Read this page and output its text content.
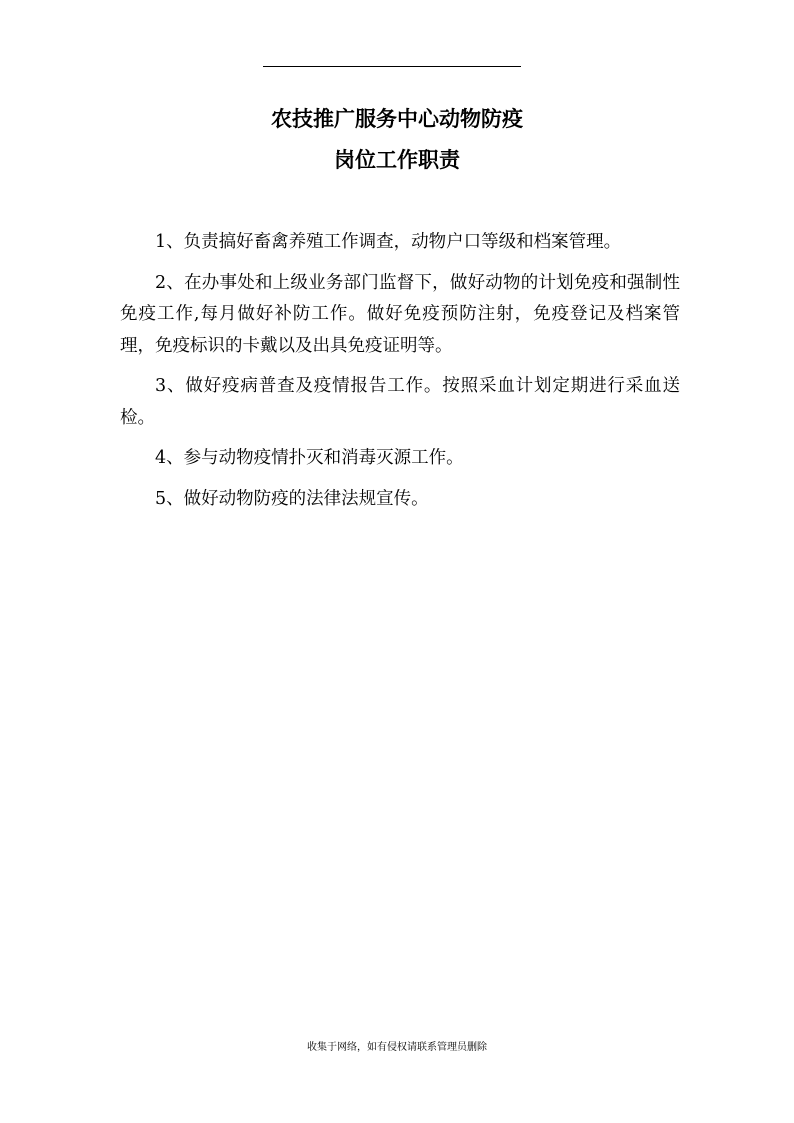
农技推广服务中心动物防疫
岗位工作职责

1、负责搞好畜禽养殖工作调查，动物户口等级和档案管理。

2、在办事处和上级业务部门监督下，做好动物的计划免疫和强制性免疫工作,每月做好补防工作。做好免疫预防注射，免疫登记及档案管理，免疫标识的卡戴以及出具免疫证明等。

3、做好疫病普查及疫情报告工作。按照采血计划定期进行采血送检。

4、参与动物疫情扑灭和消毒灭源工作。

5、做好动物防疫的法律法规宣传。

收集于网络，如有侵权请联系管理员删除
